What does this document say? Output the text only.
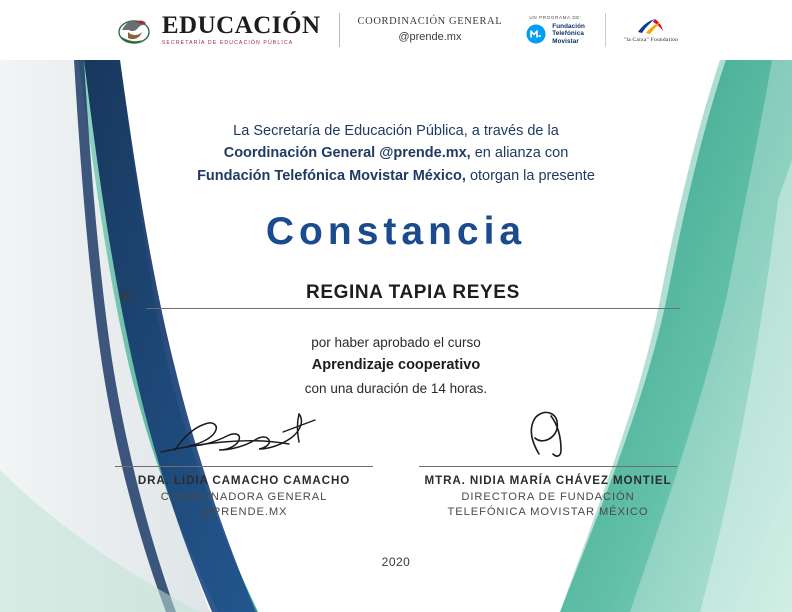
EDUCACIÓN
SECRETARÍA DE EDUCACIÓN PÚBLICA
COORDINACIÓN GENERAL
@prende.mx
UN PROGRAMA DE:
Fundación
Telefónica
Movistar	"la Caixa" Foundation
La Secretaría de Educación Pública, a través de la
Coordinación General @prende.mx, en alianza con
Fundación Telefónica Movistar México, otorgan la presente
Constancia
a:	REGINA TAPIA REYES
por haber aprobado el curso
Aprendizaje cooperativo
con una duración de 14 horas.
DRA. LIDIA CAMACHO CAMACHO
COORDINADORA GENERAL
@PRENDE.MX
MTRA. NIDIA MARÍA CHÁVEZ MONTIEL
DIRECTORA DE FUNDACIÓN
TELEFÓNICA MOVISTAR MÉXICO
2020
